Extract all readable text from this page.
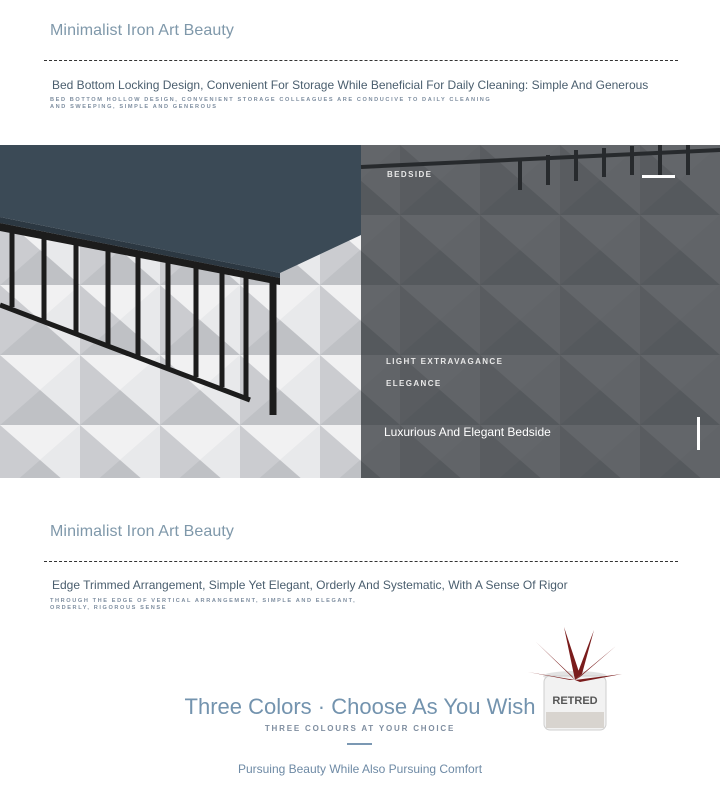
Minimalist Iron Art Beauty
Bed Bottom Locking Design, Convenient For Storage While Beneficial For Daily Cleaning: Simple And Generous
BED BOTTOM HOLLOW DESIGN, CONVENIENT STORAGE COLLEAGUES ARE CONDUCIVE TO DAILY CLEANING AND SWEEPING, SIMPLE AND GENEROUS
BEDSIDE
LIGHT EXTRAVAGANCE
ELEGANCE
Luxurious And Elegant Bedside
Minimalist Iron Art Beauty
Edge Trimmed Arrangement, Simple Yet Elegant, Orderly And Systematic, With A Sense Of Rigor
THROUGH THE EDGE OF VERTICAL ARRANGEMENT, SIMPLE AND ELEGANT, ORDERLY, RIGOROUS SENSE
RETRED
Three Colors · Choose As You Wish
THREE COLOURS AT YOUR CHOICE
Pursuing Beauty While Also Pursuing Comfort
